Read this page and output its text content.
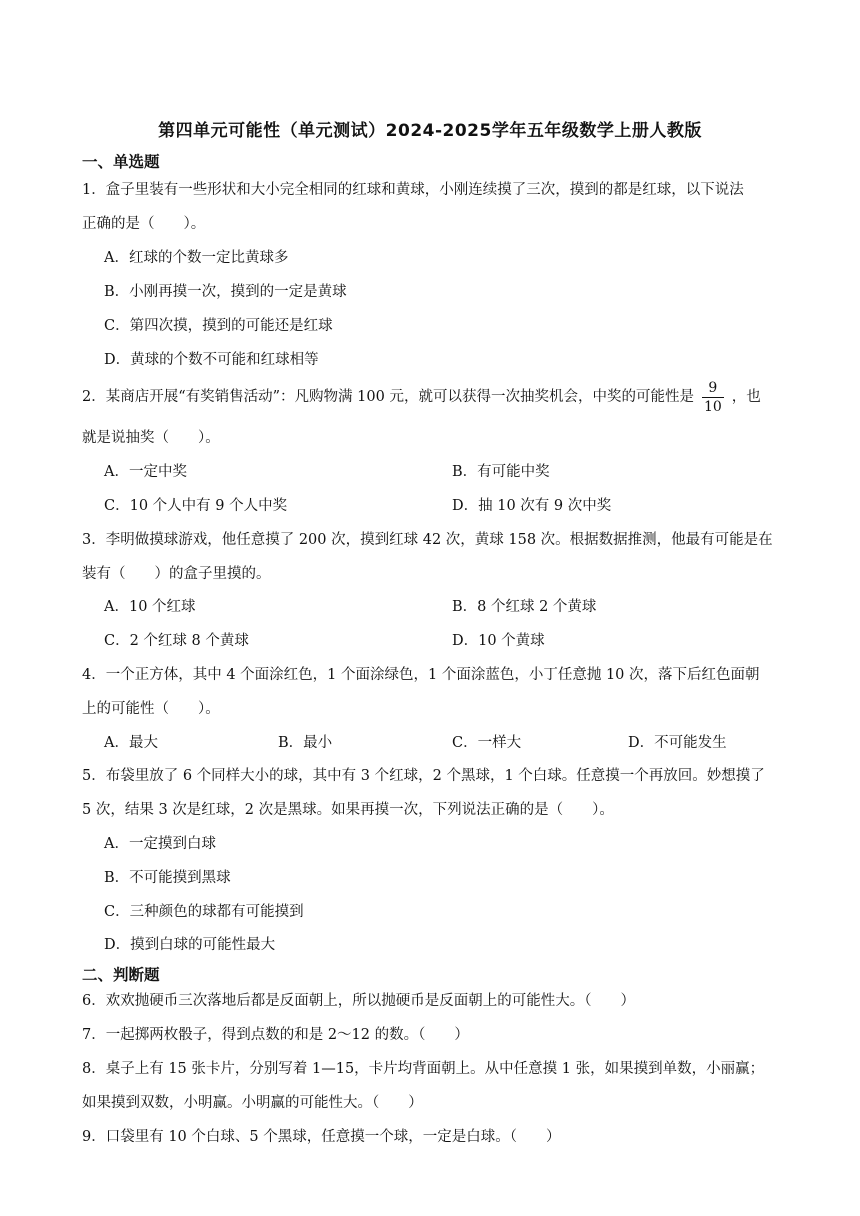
第四单元可能性（单元测试）2024-2025学年五年级数学上册人教版
一、单选题
1．盒子里装有一些形状和大小完全相同的红球和黄球，小刚连续摸了三次，摸到的都是红球，以下说法
正确的是（　　）。
A．红球的个数一定比黄球多
B．小刚再摸一次，摸到的一定是黄球
C．第四次摸，摸到的可能还是红球
D．黄球的个数不可能和红球相等
2．某商店开展“有奖销售活动”：凡购物满 100 元，就可以获得一次抽奖机会，中奖的可能性是 $\frac{9}{10}$ ，也
就是说抽奖（　　）。
A．一定中奖	B．有可能中奖
C．10 个人中有 9 个人中奖	D．抽 10 次有 9 次中奖
3．李明做摸球游戏，他任意摸了 200 次，摸到红球 42 次，黄球 158 次。根据数据推测，他最有可能是在
装有（　　）的盒子里摸的。
A．10 个红球	B．8 个红球 2 个黄球
C．2 个红球 8 个黄球	D．10 个黄球
4．一个正方体，其中 4 个面涂红色，1 个面涂绿色，1 个面涂蓝色，小丁任意抛 10 次，落下后红色面朝
上的可能性（　　）。
A．最大	B．最小	C．一样大	D．不可能发生
5．布袋里放了 6 个同样大小的球，其中有 3 个红球，2 个黑球，1 个白球。任意摸一个再放回。妙想摸了
5 次，结果 3 次是红球，2 次是黑球。如果再摸一次，下列说法正确的是（　　）。
A．一定摸到白球
B．不可能摸到黑球
C．三种颜色的球都有可能摸到
D．摸到白球的可能性最大
二、判断题
6．欢欢抛硬币三次落地后都是反面朝上，所以抛硬币是反面朝上的可能性大。（　　）
7．一起掷两枚骰子，得到点数的和是 2～12 的数。（　　）
8．桌子上有 15 张卡片，分别写着 1—15，卡片均背面朝上。从中任意摸 1 张，如果摸到单数，小丽赢；
如果摸到双数，小明赢。小明赢的可能性大。（　　）
9．口袋里有 10 个白球、5 个黑球，任意摸一个球，一定是白球。（　　）
